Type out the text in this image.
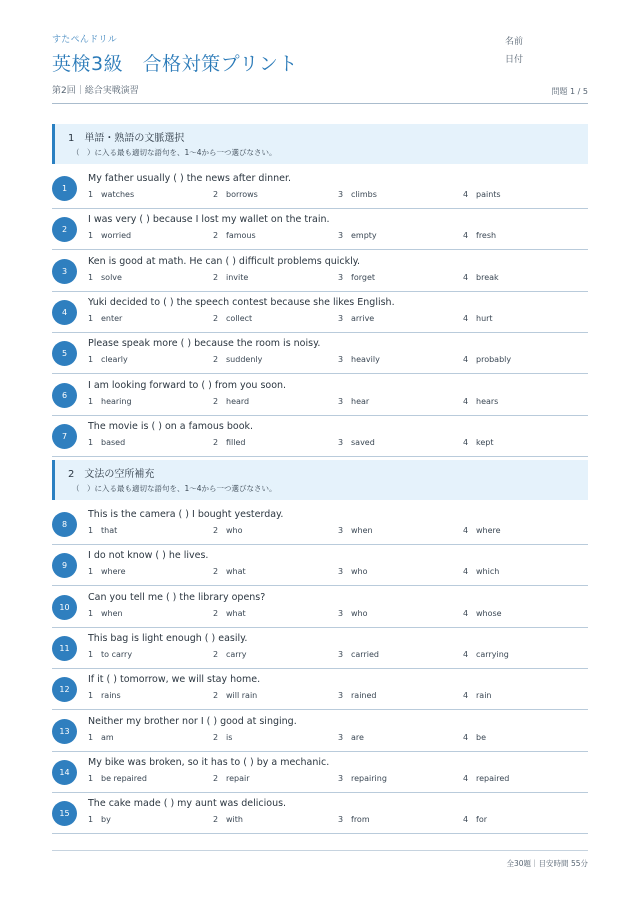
すたぺんドリル
英検3級　合格対策プリント
第2回｜総合実戦演習
名前
日付
問題 1 / 5
1　単語・熟語の文脈選択
（　）に入る最も適切な語句を、1〜4から一つ選びなさい。
1
My father usually ( ) the news after dinner.
1 watches	2 borrows	3 climbs	4 paints
2
I was very ( ) because I lost my wallet on the train.
1 worried	2 famous	3 empty	4 fresh
3
Ken is good at math. He can ( ) difficult problems quickly.
1 solve	2 invite	3 forget	4 break
4
Yuki decided to ( ) the speech contest because she likes English.
1 enter	2 collect	3 arrive	4 hurt
5
Please speak more ( ) because the room is noisy.
1 clearly	2 suddenly	3 heavily	4 probably
6
I am looking forward to ( ) from you soon.
1 hearing	2 heard	3 hear	4 hears
7
The movie is ( ) on a famous book.
1 based	2 filled	3 saved	4 kept
2　文法の空所補充
（　）に入る最も適切な語句を、1〜4から一つ選びなさい。
8
This is the camera ( ) I bought yesterday.
1 that	2 who	3 when	4 where
9
I do not know ( ) he lives.
1 where	2 what	3 who	4 which
10
Can you tell me ( ) the library opens?
1 when	2 what	3 who	4 whose
11
This bag is light enough ( ) easily.
1 to carry	2 carry	3 carried	4 carrying
12
If it ( ) tomorrow, we will stay home.
1 rains	2 will rain	3 rained	4 rain
13
Neither my brother nor I ( ) good at singing.
1 am	2 is	3 are	4 be
14
My bike was broken, so it has to ( ) by a mechanic.
1 be repaired	2 repair	3 repairing	4 repaired
15
The cake made ( ) my aunt was delicious.
1 by	2 with	3 from	4 for
全30題｜目安時間 55分
